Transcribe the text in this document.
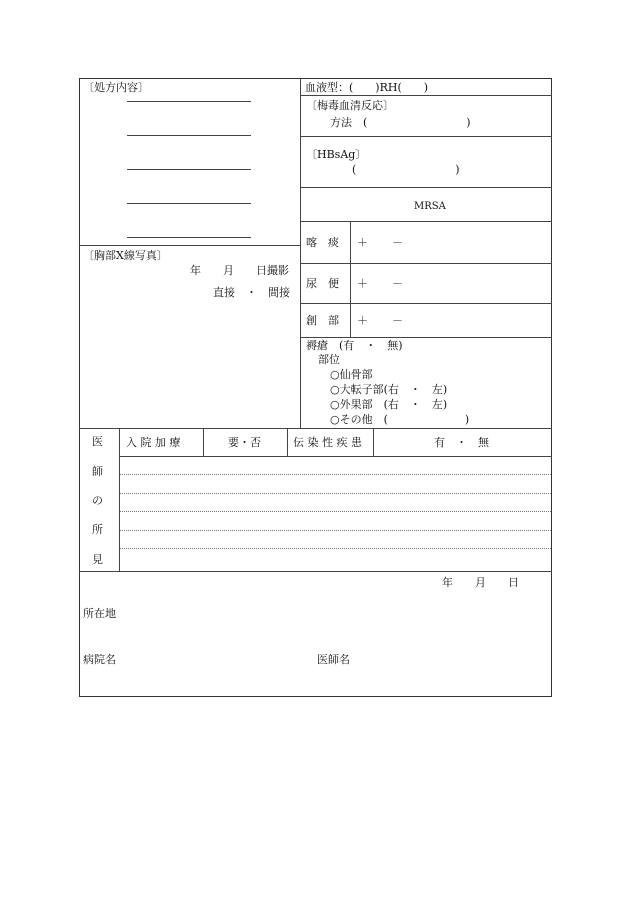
〔処方内容〕
〔胸部X線写真〕
年　　月　　日撮影
直接　・　間接
血液型：(　　)RH(　　)
〔梅毒血清反応〕
方法　(　　　　　　　　　)
〔HBsAg〕
(　　　　　　　　　)
MRSA
喀　痰 ＋ －
尿　便 ＋ －
創　部 ＋ －
褥瘡　(有　・　無)
部位
○仙骨部
○大転子部(右　・　左)
○外果部　(右　・　左)
○その他　(　　　　　　　)
医
師
の
所
見
入 院 加 療	要・否	伝 染 性 疾 患	有　・　無
年　　月　　日
所在地
病院名	医師名
